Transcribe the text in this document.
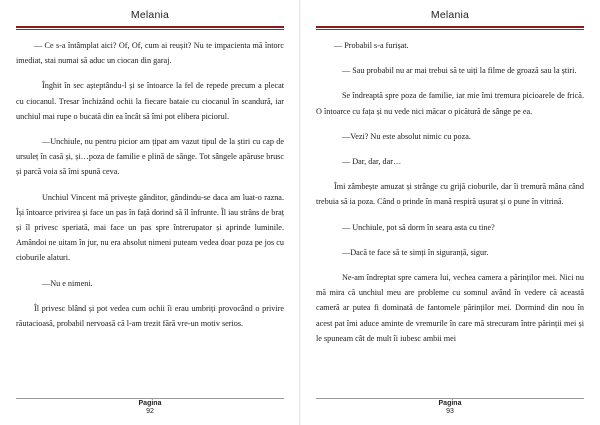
Melania

— Ce s-a întâmplat aici? Of, Of, cum ai reușit? Nu te impacienta mă întorc imediat, stai numai să aduc un ciocan din garaj.

Înghit în sec așteptându-l și se întoarce la fel de repede precum a plecat cu ciocanul. Tresar închizând ochii la fiecare bataie cu ciocanul în scandură, iar unchiul mai rupe o bucată din ea încât să îmi pot elibera piciorul.

—Unchiule, nu pentru picior am țipat am vazut tipul de la știri cu cap de ursuleț în casă și, și…poza de familie e plină de sânge. Tot sângele apăruse brusc și parcă voia să îmi spună ceva.

Unchiul Vincent mă privește gânditor, gândindu-se daca am luat-o razna. Își întoarce privirea și face un pas în față dorind să îl înfrunte. Îl iau strâns de braț și îl privesc speriată, mai face un pas spre întrerupator și aprinde luminile. Amândoi ne uitam în jur, nu era absolut nimeni puteam vedea doar poza pe jos cu cioburile alaturi.

—Nu e nimeni.

Îl privesc blând și pot vedea cum ochii îi erau umbriți provocând o privire răutacioasă, probabil nervoasă că l-am trezit fără vre-un motiv serios.

Pagina
92
Melania

— Probabil s-a furișat.

— Sau probabil nu ar mai trebui să te uiți la filme de groază sau la știri.

Se îndreaptă spre poza de familie, iar mie îmi tremura picioarele de frică. O întoarce cu fața și nu vede nici măcar o picătură de sânge pe ea.

—Vezi? Nu este absolut nimic cu poza.

— Dar, dar, dar…

Îmi zâmbește amuzat și strânge cu grijă cioburile, dar îi tremură mâna când trebuia să ia poza. Când o prinde în mană respiră ușurat și o pune în vitrină.

— Unchiule, pot să dorm în seara asta cu tine?

—Dacă te face să te simți în siguranță, sigur.

Ne-am îndreptat spre camera lui, vechea camera a părinților mei. Nici nu mă mira că unchiul meu are probleme cu somnul având în vedere că această cameră ar putea fi dominată de fantomele părinților mei. Dormind din nou în acest pat îmi aduce aminte de vremurile în care mă strecuram între părinții mei și le spuneam cât de mult îi iubesc ambii mei

Pagina
93
